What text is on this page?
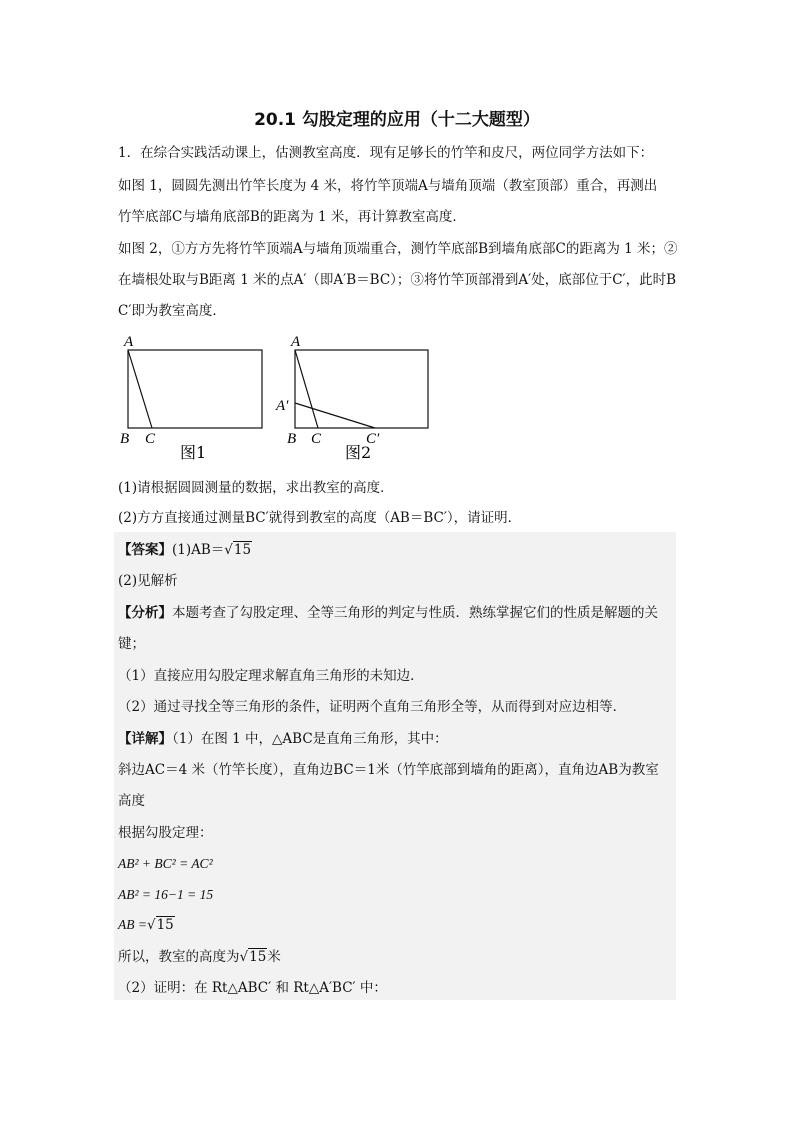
20.1 勾股定理的应用（十二大题型）
1．在综合实践活动课上，估测教室高度．现有足够长的竹竿和皮尺，两位同学方法如下：
如图 1，圆圆先测出竹竿长度为 4 米，将竹竿顶端A与墙角顶端（教室顶部）重合，再测出
竹竿底部C与墙角底部B的距离为 1 米，再计算教室高度．
如图 2，①方方先将竹竿顶端A与墙角顶端重合，测竹竿底部B到墙角底部C的距离为 1 米；②
在墙根处取与B距离 1 米的点A′（即A′B＝BC）；③将竹竿顶部滑到A′处，底部位于C′，此时B
C′即为教室高度．
A
B C
图1
A
A′
B C	C′
图2
(1)请根据圆圆测量的数据，求出教室的高度．
(2)方方直接通过测量BC′就得到教室的高度（AB＝BC′），请证明．
【答案】(1)AB＝√15
(2)见解析
【分析】本题考查了勾股定理、全等三角形的判定与性质．熟练掌握它们的性质是解题的关
键；
（1）直接应用勾股定理求解直角三角形的未知边．
（2）通过寻找全等三角形的条件，证明两个直角三角形全等，从而得到对应边相等．
【详解】（1）在图 1 中，△ABC是直角三角形，其中：
斜边AC＝4 米（竹竿长度），直角边BC＝1米（竹竿底部到墙角的距离），直角边AB为教室
高度
根据勾股定理：
AB² + BC² = AC²
AB² = 16−1 = 15
AB =√15
所以，教室的高度为√15米
（2）证明：在 Rt△ABC′ 和 Rt△A′BC′ 中：
